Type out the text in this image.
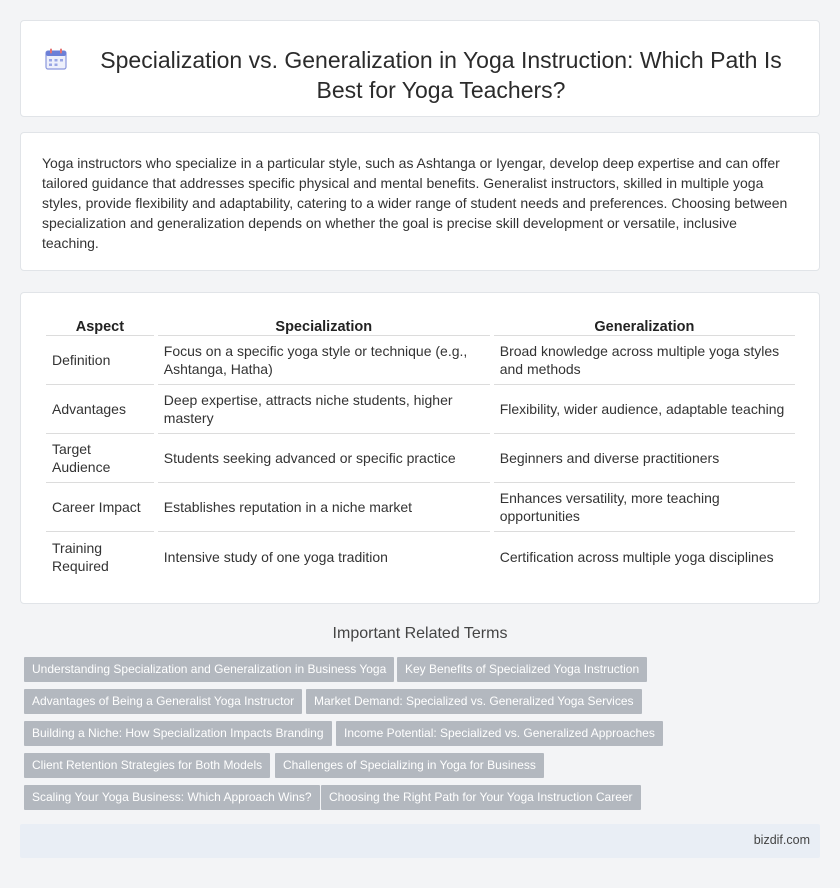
Specialization vs. Generalization in Yoga Instruction: Which Path Is Best for Yoga Teachers?

Yoga instructors who specialize in a particular style, such as Ashtanga or Iyengar, develop deep expertise and can offer tailored guidance that addresses specific physical and mental benefits. Generalist instructors, skilled in multiple yoga styles, provide flexibility and adaptability, catering to a wider range of student needs and preferences. Choosing between specialization and generalization depends on whether the goal is precise skill development or versatile, inclusive teaching.

Aspect	Specialization	Generalization
Definition	Focus on a specific yoga style or technique (e.g., Ashtanga, Hatha)	Broad knowledge across multiple yoga styles and methods
Advantages	Deep expertise, attracts niche students, higher mastery	Flexibility, wider audience, adaptable teaching
Target Audience	Students seeking advanced or specific practice	Beginners and diverse practitioners
Career Impact	Establishes reputation in a niche market	Enhances versatility, more teaching opportunities
Training Required	Intensive study of one yoga tradition	Certification across multiple yoga disciplines
Important Related Terms
Understanding Specialization and Generalization in Business Yoga	Key Benefits of Specialized Yoga Instruction
Advantages of Being a Generalist Yoga Instructor	Market Demand: Specialized vs. Generalized Yoga Services
Building a Niche: How Specialization Impacts Branding	Income Potential: Specialized vs. Generalized Approaches
Client Retention Strategies for Both Models	Challenges of Specializing in Yoga for Business
Scaling Your Yoga Business: Which Approach Wins?	Choosing the Right Path for Your Yoga Instruction Career
bizdif.com
